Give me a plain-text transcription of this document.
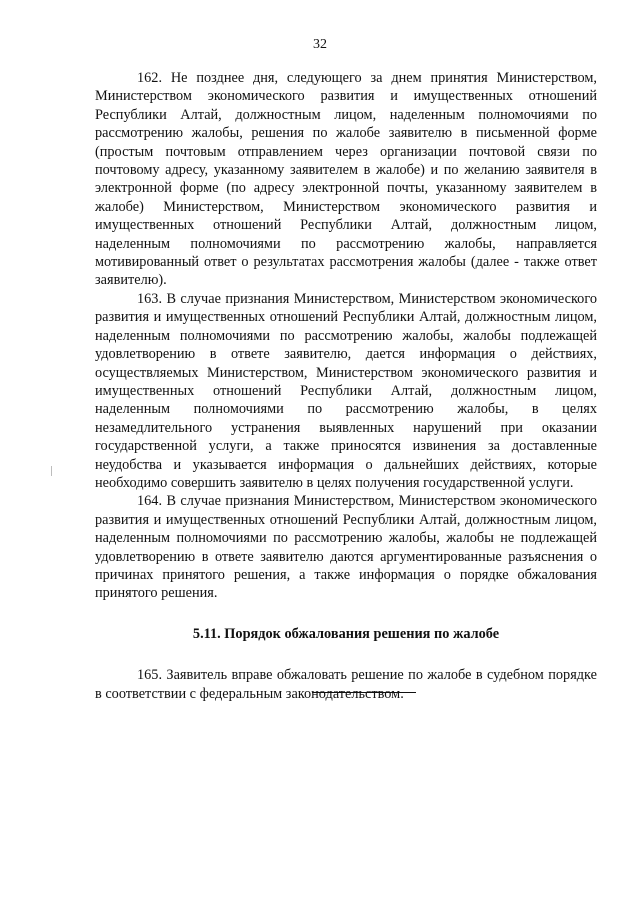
32

162. Не позднее дня, следующего за днем принятия Министерством, Министерством экономического развития и имущественных отношений Республики Алтай, должностным лицом, наделенным полномочиями по рассмотрению жалобы, решения по жалобе заявителю в письменной форме (простым почтовым отправлением через организации почтовой связи по почтовому адресу, указанному заявителем в жалобе) и по желанию заявителя в электронной форме (по адресу электронной почты, указанному заявителем в жалобе) Министерством, Министерством экономического развития и имущественных отношений Республики Алтай, должностным лицом, наделенным полномочиями по рассмотрению жалобы, направляется мотивированный ответ о результатах рассмотрения жалобы (далее - также ответ заявителю).

163. В случае признания Министерством, Министерством экономического развития и имущественных отношений Республики Алтай, должностным лицом, наделенным полномочиями по рассмотрению жалобы, жалобы подлежащей удовлетворению в ответе заявителю, дается информация о действиях, осуществляемых Министерством, Министерством экономического развития и имущественных отношений Республики Алтай, должностным лицом, наделенным полномочиями по рассмотрению жалобы, в целях незамедлительного устранения выявленных нарушений при оказании государственной услуги, а также приносятся извинения за доставленные неудобства и указывается информация о дальнейших действиях, которые необходимо совершить заявителю в целях получения государственной услуги.

164. В случае признания Министерством, Министерством экономического развития и имущественных отношений Республики Алтай, должностным лицом, наделенным полномочиями по рассмотрению жалобы, жалобы не подлежащей удовлетворению в ответе заявителю даются аргументированные разъяснения о причинах принятого решения, а также информация о порядке обжалования принятого решения.

5.11. Порядок обжалования решения по жалобе

165. Заявитель вправе обжаловать решение по жалобе в судебном порядке в соответствии с федеральным законодательством.
